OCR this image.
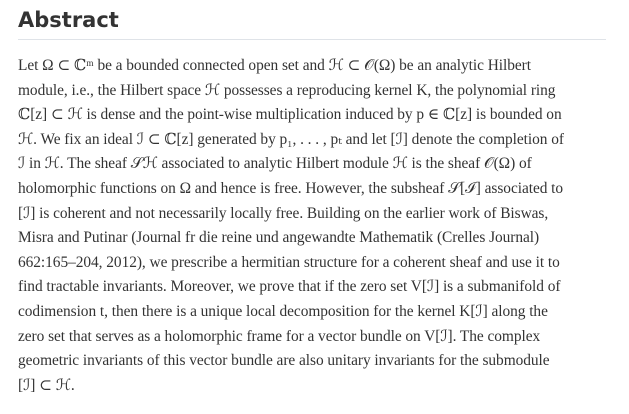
Abstract
Let Ω ⊂ ℂᵐ be a bounded connected open set and ℋ ⊂ 𝒪(Ω) be an analytic Hilbert
module, i.e., the Hilbert space ℋ possesses a reproducing kernel K, the polynomial ring
ℂ[z] ⊂ ℋ is dense and the point-wise multiplication induced by p ∈ ℂ[z] is bounded on
ℋ. We fix an ideal ℐ ⊂ ℂ[z] generated by p₁, . . . , pₜ and let [ℐ] denote the completion of
ℐ in ℋ. The sheaf 𝒮ℋ associated to analytic Hilbert module ℋ is the sheaf 𝒪(Ω) of
holomorphic functions on Ω and hence is free. However, the subsheaf 𝒮[ℐ] associated to
[ℐ] is coherent and not necessarily locally free. Building on the earlier work of Biswas,
Misra and Putinar (Journal fr die reine und angewandte Mathematik (Crelles Journal)
662:165–204, 2012), we prescribe a hermitian structure for a coherent sheaf and use it to
find tractable invariants. Moreover, we prove that if the zero set V[ℐ] is a submanifold of
codimension t, then there is a unique local decomposition for the kernel K[ℐ] along the
zero set that serves as a holomorphic frame for a vector bundle on V[ℐ]. The complex
geometric invariants of this vector bundle are also unitary invariants for the submodule
[ℐ] ⊂ ℋ.
